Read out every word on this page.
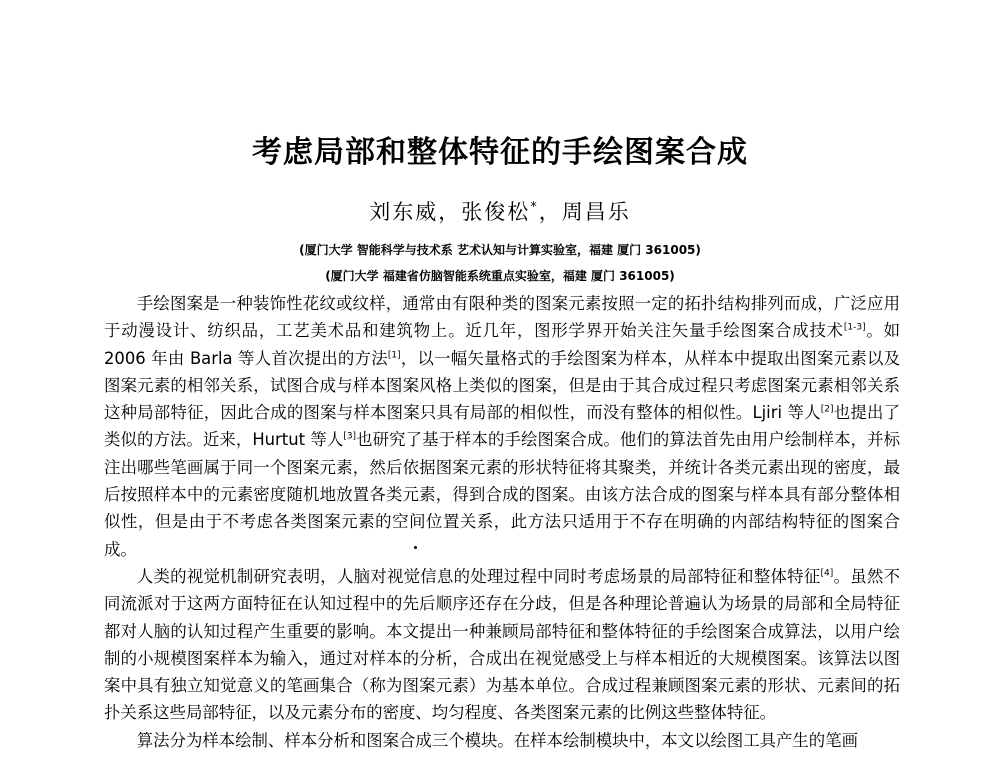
考虑局部和整体特征的手绘图案合成
刘东威，张俊松*，周昌乐
(厦门大学 智能科学与技术系 艺术认知与计算实验室，福建 厦门 361005)
(厦门大学 福建省仿脑智能系统重点实验室，福建 厦门 361005)

手绘图案是一种装饰性花纹或纹样，通常由有限种类的图案元素按照一定的拓扑结构排列而成，广泛应用于动漫设计、纺织品，工艺美术品和建筑物上。近几年，图形学界开始关注矢量手绘图案合成技术[1-3]。如 2006 年由 Barla 等人首次提出的方法[1]，以一幅矢量格式的手绘图案为样本，从样本中提取出图案元素以及图案元素的相邻关系，试图合成与样本图案风格上类似的图案，但是由于其合成过程只考虑图案元素相邻关系这种局部特征，因此合成的图案与样本图案只具有局部的相似性，而没有整体的相似性。Ljiri 等人[2]也提出了类似的方法。近来，Hurtut 等人[3]也研究了基于样本的手绘图案合成。他们的算法首先由用户绘制样本，并标注出哪些笔画属于同一个图案元素，然后依据图案元素的形状特征将其聚类，并统计各类元素出现的密度，最后按照样本中的元素密度随机地放置各类元素，得到合成的图案。由该方法合成的图案与样本具有部分整体相似性，但是由于不考虑各类图案元素的空间位置关系，此方法只适用于不存在明确的内部结构特征的图案合成。

人类的视觉机制研究表明，人脑对视觉信息的处理过程中同时考虑场景的局部特征和整体特征[4]。虽然不同流派对于这两方面特征在认知过程中的先后顺序还存在分歧，但是各种理论普遍认为场景的局部和全局特征都对人脑的认知过程产生重要的影响。本文提出一种兼顾局部特征和整体特征的手绘图案合成算法，以用户绘制的小规模图案样本为输入，通过对样本的分析，合成出在视觉感受上与样本相近的大规模图案。该算法以图案中具有独立知觉意义的笔画集合（称为图案元素）为基本单位。合成过程兼顾图案元素的形状、元素间的拓扑关系这些局部特征，以及元素分布的密度、均匀程度、各类图案元素的比例这些整体特征。

算法分为样本绘制、样本分析和图案合成三个模块。在样本绘制模块中，本文以绘图工具产生的笔画
